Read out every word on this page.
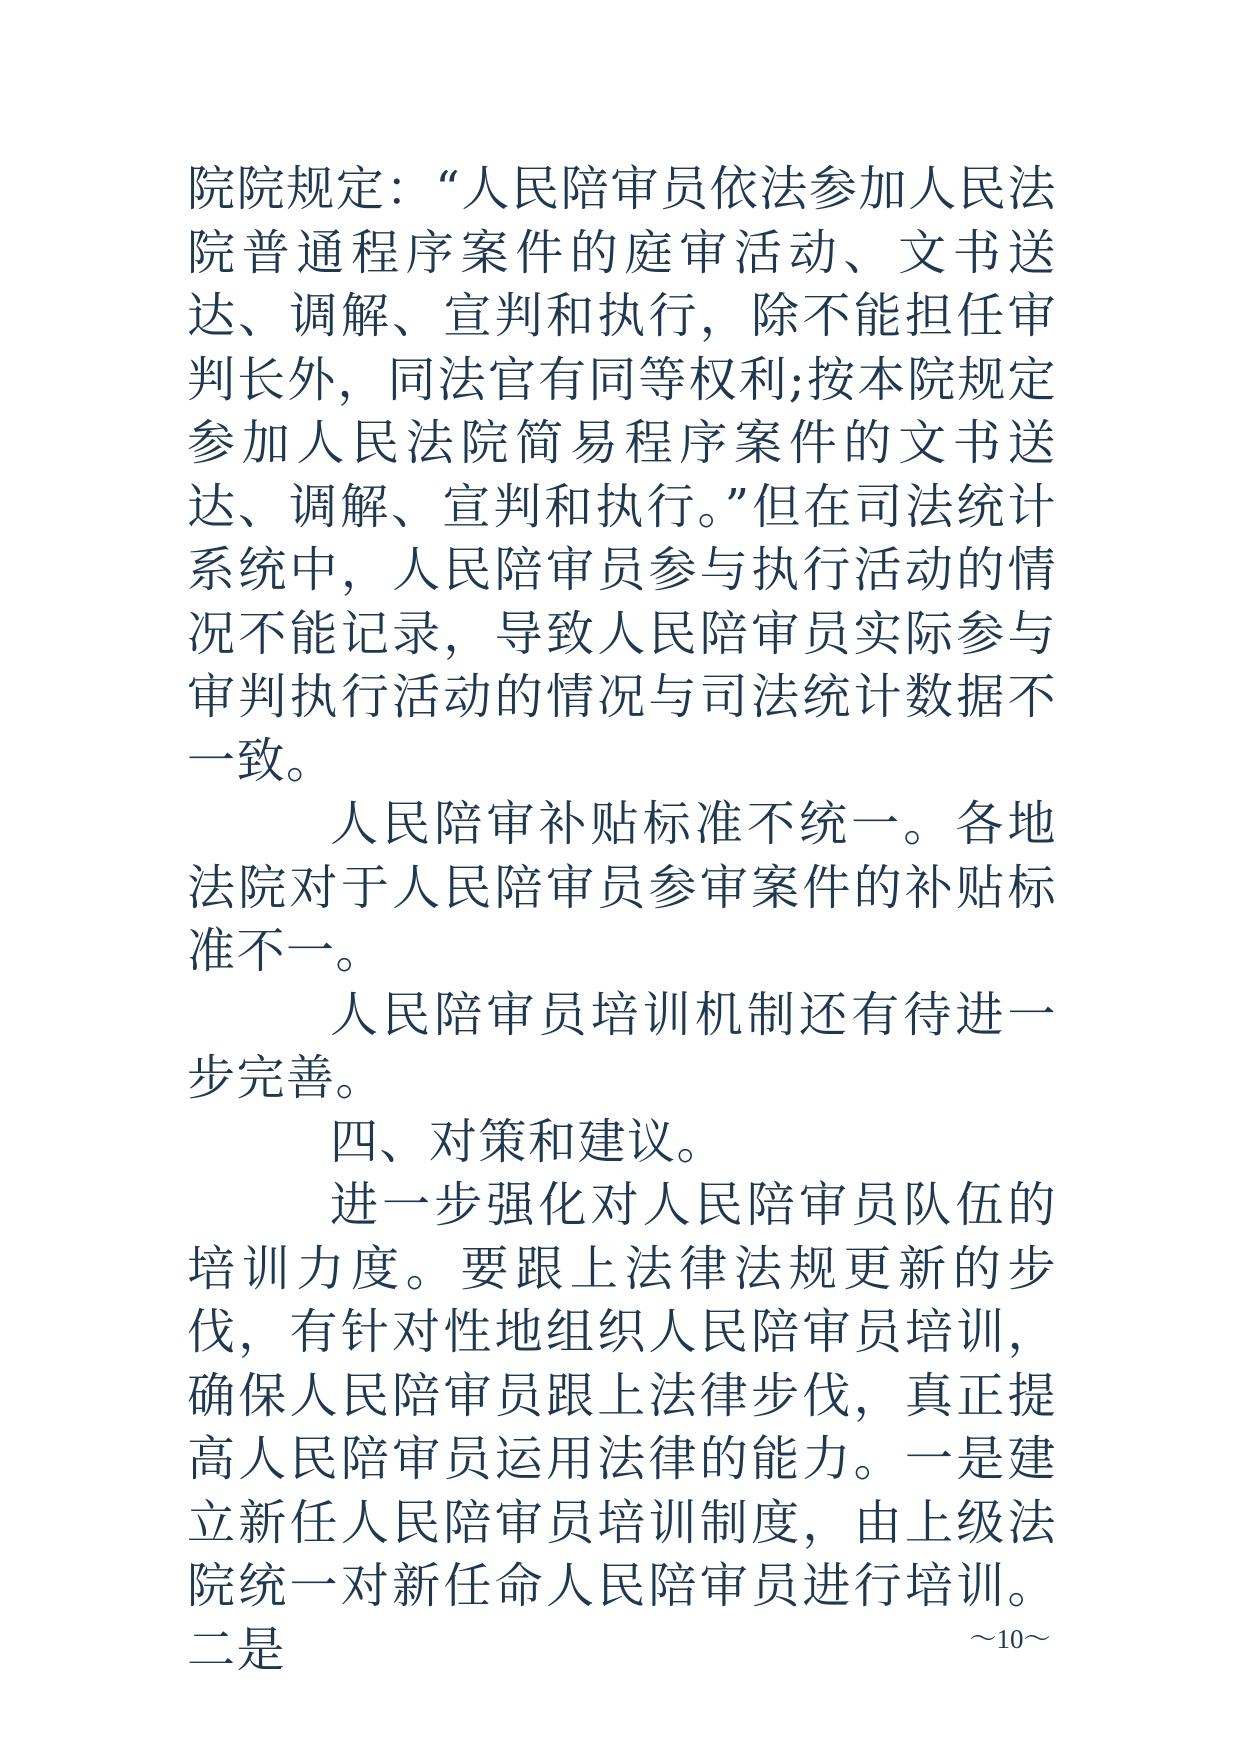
院院规定：“人民陪审员依法参加人民法院普通程序案件的庭审活动、文书送达、调解、宣判和执行，除不能担任审判长外，同法官有同等权利;按本院规定参加人民法院简易程序案件的文书送达、调解、宣判和执行。”但在司法统计系统中，人民陪审员参与执行活动的情况不能记录，导致人民陪审员实际参与审判执行活动的情况与司法统计数据不一致。

人民陪审补贴标准不统一。各地法院对于人民陪审员参审案件的补贴标准不一。

人民陪审员培训机制还有待进一步完善。

四、对策和建议。

进一步强化对人民陪审员队伍的培训力度。要跟上法律法规更新的步伐，有针对性地组织人民陪审员培训，确保人民陪审员跟上法律步伐，真正提高人民陪审员运用法律的能力。一是建立新任人民陪审员培训制度，由上级法院统一对新任命人民陪审员进行培训。二是	～10～
